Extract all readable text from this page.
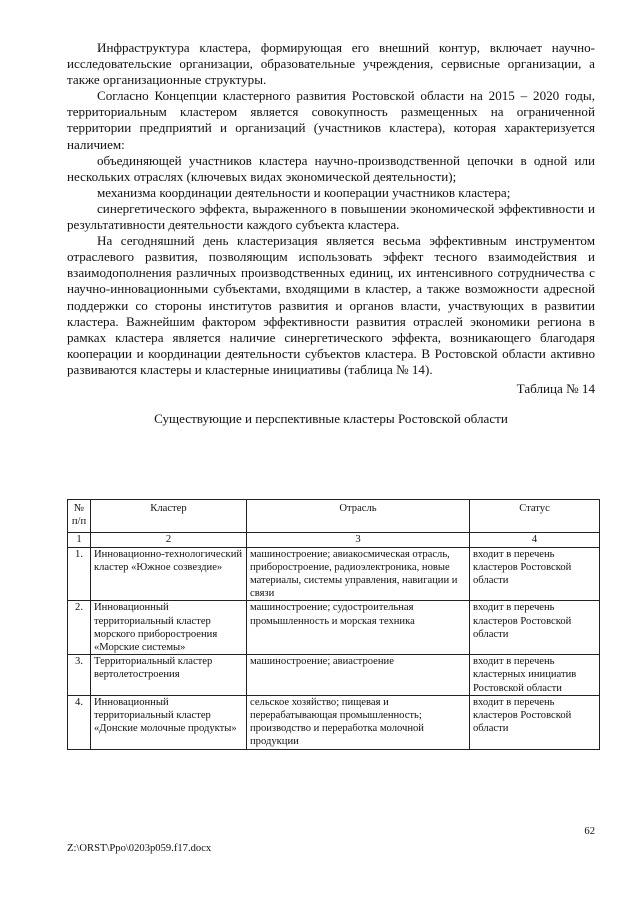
Инфраструктура кластера, формирующая его внешний контур, включает научно-исследовательские организации, образовательные учреждения, сервисные организации, а также организационные структуры.

Согласно Концепции кластерного развития Ростовской области на 2015 – 2020 годы, территориальным кластером является совокупность размещенных на ограниченной территории предприятий и организаций (участников кластера), которая характеризуется наличием:

объединяющей участников кластера научно-производственной цепочки в одной или нескольких отраслях (ключевых видах экономической деятельности);

механизма координации деятельности и кооперации участников кластера;

синергетического эффекта, выраженного в повышении экономической эффективности и результативности деятельности каждого субъекта кластера.

На сегодняшний день кластеризация является весьма эффективным инструментом отраслевого развития, позволяющим использовать эффект тесного взаимодействия и взаимодополнения различных производственных единиц, их интенсивного сотрудничества с научно-инновационными субъектами, входящими в кластер, а также возможности адресной поддержки со стороны институтов развития и органов власти, участвующих в развитии кластера. Важнейшим фактором эффективности развития отраслей экономики региона в рамках кластера является наличие синергетического эффекта, возникающего благодаря кооперации и координации деятельности субъектов кластера. В Ростовской области активно развиваются кластеры и кластерные инициативы (таблица № 14).

Таблица № 14
Существующие и перспективные кластеры Ростовской области
№ п/п	Кластер	Отрасль	Статус
1	2	3	4
1.	Инновационно-технологический кластер «Южное созвездие»	машиностроение; авиакосмическая отрасль, приборостроение, радиоэлектроника, новые материалы, системы управления, навигации и связи	входит в перечень кластеров Ростовской области
2.	Инновационный территориальный кластер морского приборостроения «Морские системы»	машиностроение; судостроительная промышленность и морская техника	входит в перечень кластеров Ростовской области
3.	Территориальный кластер вертолетостроения	машиностроение; авиастроение	входит в перечень кластерных инициатив Ростовской области
4.	Инновационный территориальный кластер «Донские молочные продукты»	сельское хозяйство; пищевая и перерабатывающая промышленность; производство и переработка молочной продукции	входит в перечень кластеров Ростовской области
62
Z:\ORST\Ppo\0203p059.f17.docx
